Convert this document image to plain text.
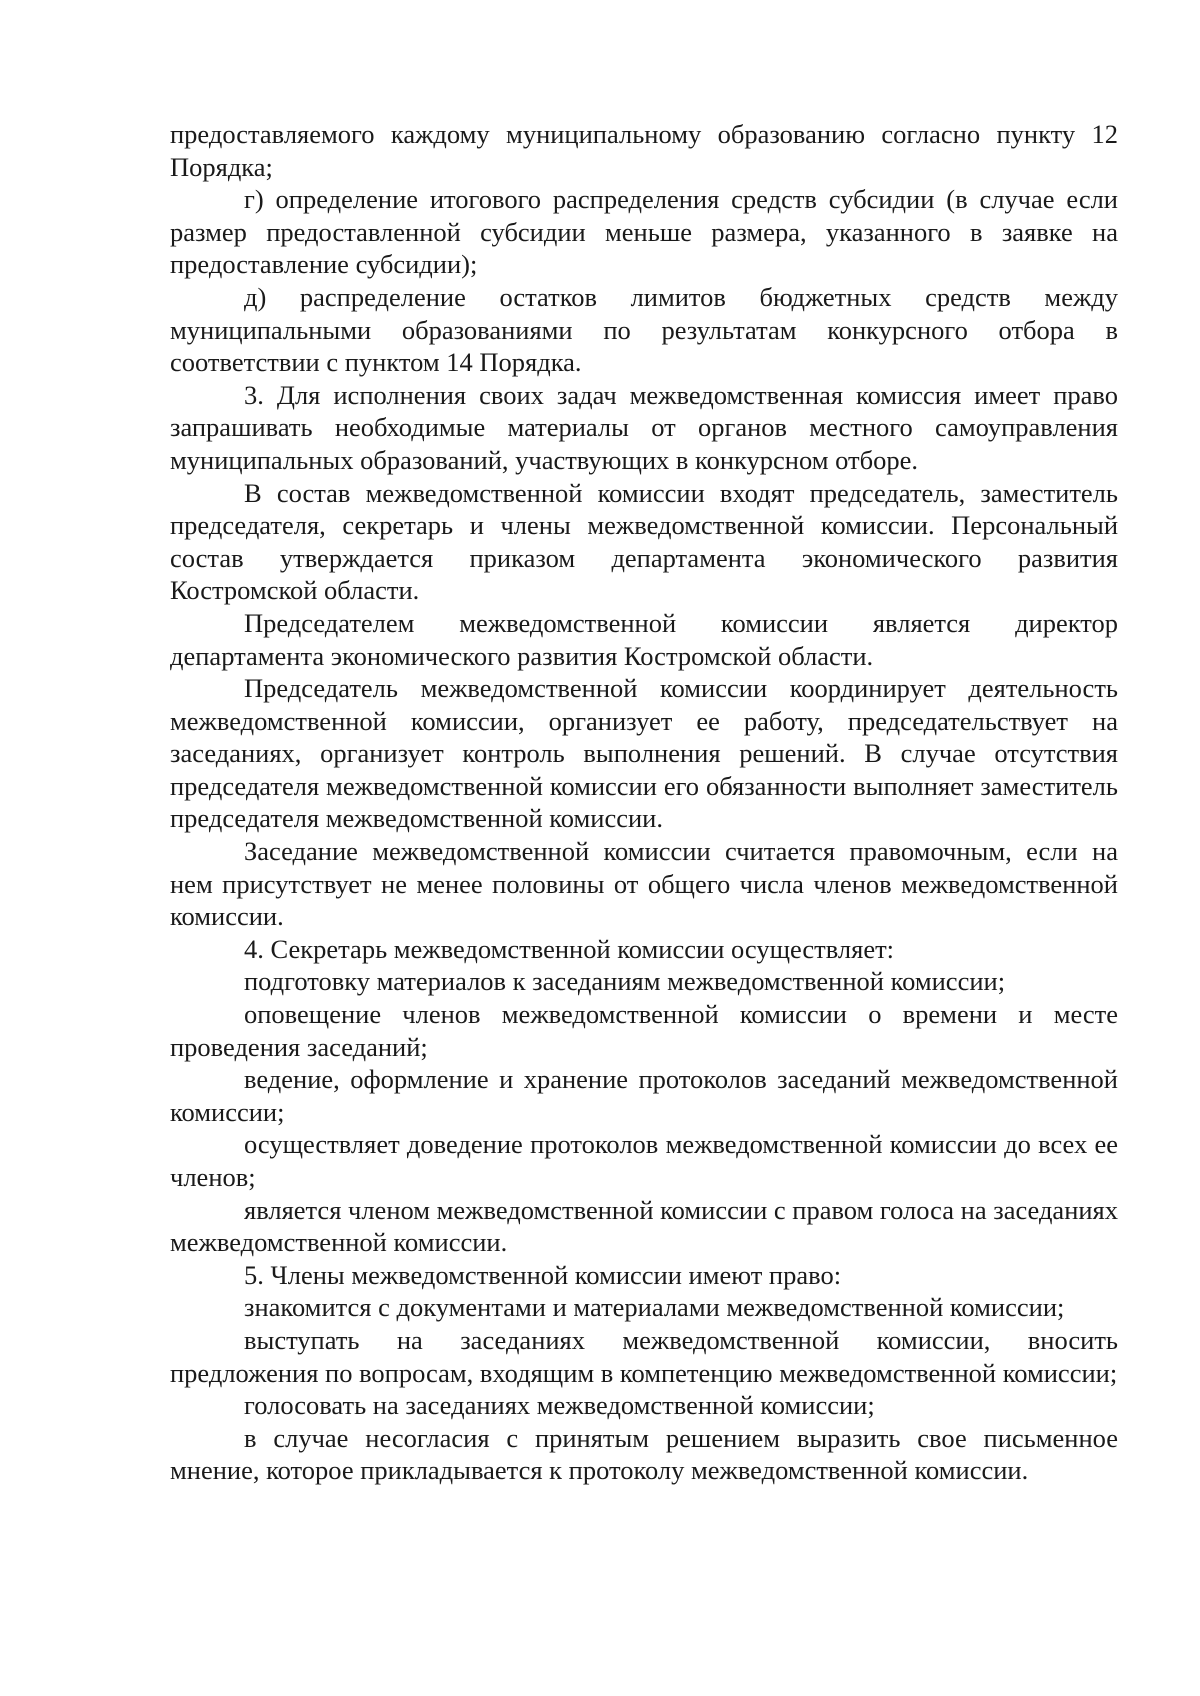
предоставляемого каждому муниципальному образованию согласно пункту 12 Порядка;

г) определение итогового распределения средств субсидии (в случае если размер предоставленной субсидии меньше размера, указанного в заявке на предоставление субсидии);

д) распределение остатков лимитов бюджетных средств между муниципальными образованиями по результатам конкурсного отбора в соответствии с пунктом 14 Порядка.

3. Для исполнения своих задач межведомственная комиссия имеет право запрашивать необходимые материалы от органов местного самоуправления муниципальных образований, участвующих в конкурсном отборе.

В состав межведомственной комиссии входят председатель, заместитель председателя, секретарь и члены межведомственной комиссии. Персональный состав утверждается приказом департамента экономического развития Костромской области.

Председателем межведомственной комиссии является директор департамента экономического развития Костромской области.

Председатель межведомственной комиссии координирует деятельность межведомственной комиссии, организует ее работу, председательствует на заседаниях, организует контроль выполнения решений. В случае отсутствия председателя межведомственной комиссии его обязанности выполняет заместитель председателя межведомственной комиссии.

Заседание межведомственной комиссии считается правомочным, если на нем присутствует не менее половины от общего числа членов межведомственной комиссии.

4. Секретарь межведомственной комиссии осуществляет:

подготовку материалов к заседаниям межведомственной комиссии;

оповещение членов межведомственной комиссии о времени и месте проведения заседаний;

ведение, оформление и хранение протоколов заседаний межведомственной комиссии;

осуществляет доведение протоколов межведомственной комиссии до всех ее членов;

является членом межведомственной комиссии с правом голоса на заседаниях межведомственной комиссии.

5. Члены межведомственной комиссии имеют право:

знакомится с документами и материалами межведомственной комиссии;

выступать на заседаниях межведомственной комиссии, вносить предложения по вопросам, входящим в компетенцию межведомственной комиссии;

голосовать на заседаниях межведомственной комиссии;

в случае несогласия с принятым решением выразить свое письменное мнение, которое прикладывается к протоколу межведомственной комиссии.
